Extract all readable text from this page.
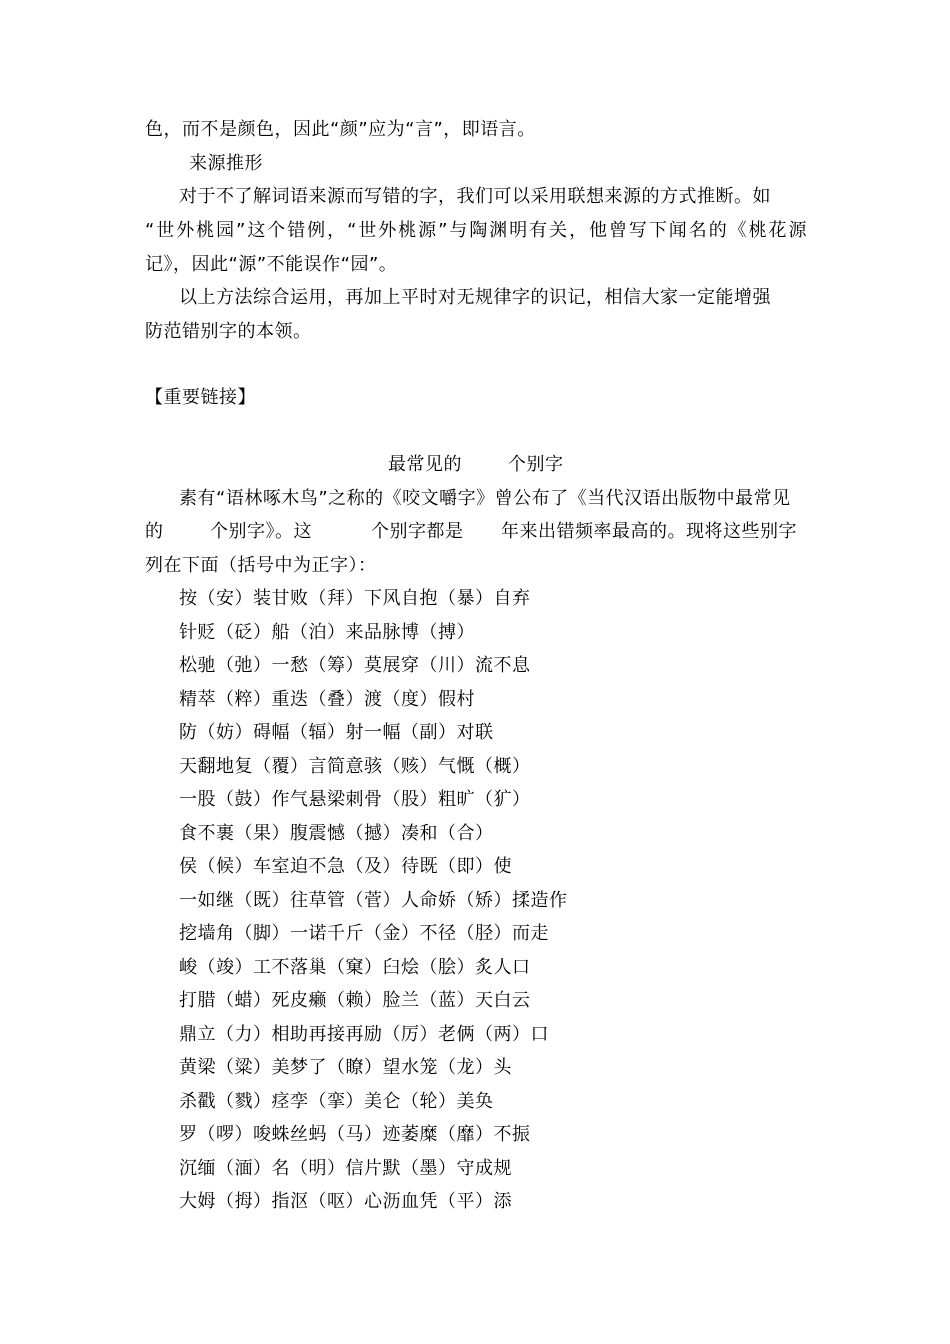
色，而不是颜色，因此“颜”应为“言”，即语言。
来源推形
对于不了解词语来源而写错的字，我们可以采用联想来源的方式推断。如
“世外桃园”这个错例，“世外桃源”与陶渊明有关，他曾写下闻名的《桃花源
记》，因此“源”不能误作“园”。
以上方法综合运用，再加上平时对无规律字的识记，相信大家一定能增强
防范错别字的本领。
【重要链接】
最常见的	个别字
素有“语林啄木鸟”之称的《咬文嚼字》曾公布了《当代汉语出版物中最常见
的	个别字》。这	个别字都是 年来出错频率最高的。现将这些别字
列在下面（括号中为正字）：
按（安）装甘败（拜）下风自抱（暴）自弃
针贬（砭）船（泊）来品脉博（搏）
松驰（弛）一愁（筹）莫展穿（川）流不息
精萃（粹）重迭（叠）渡（度）假村
防（妨）碍幅（辐）射一幅（副）对联
天翻地复（覆）言简意骇（赅）气慨（概）
一股（鼓）作气悬梁刺骨（股）粗旷（犷）
食不裹（果）腹震憾（撼）凑和（合）
侯（候）车室迫不急（及）待既（即）使
一如继（既）往草管（菅）人命娇（矫）揉造作
挖墙角（脚）一诺千斤（金）不径（胫）而走
峻（竣）工不落巢（窠）臼烩（脍）炙人口
打腊（蜡）死皮癞（赖）脸兰（蓝）天白云
鼎立（力）相助再接再励（厉）老俩（两）口
黄梁（粱）美梦了（瞭）望水笼（龙）头
杀戳（戮）痉孪（挛）美仑（轮）美奂
罗（啰）唆蛛丝蚂（马）迹萎糜（靡）不振
沉缅（湎）名（明）信片默（墨）守成规
大姆（拇）指沤（呕）心沥血凭（平）添
